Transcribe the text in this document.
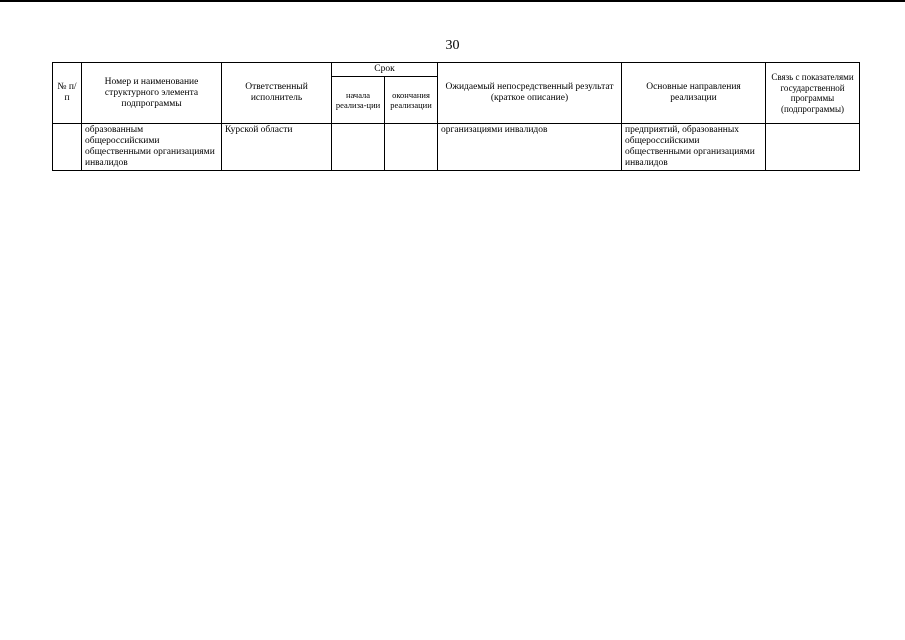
30
№ п/п	Номер и наименование структурного элемента подпрограммы	Ответственный исполнитель	Срок		Ожидаемый непосредственный результат (краткое описание)	Основные направления реализации	Связь с показателями государственной программы (подпрограммы)
			начала реализа-ции	окончания реализации			
	образованным общероссийскими общественными организациями инвалидов	Курской области			организациями инвалидов	предприятий, образованных общероссийскими общественными организациями инвалидов	
